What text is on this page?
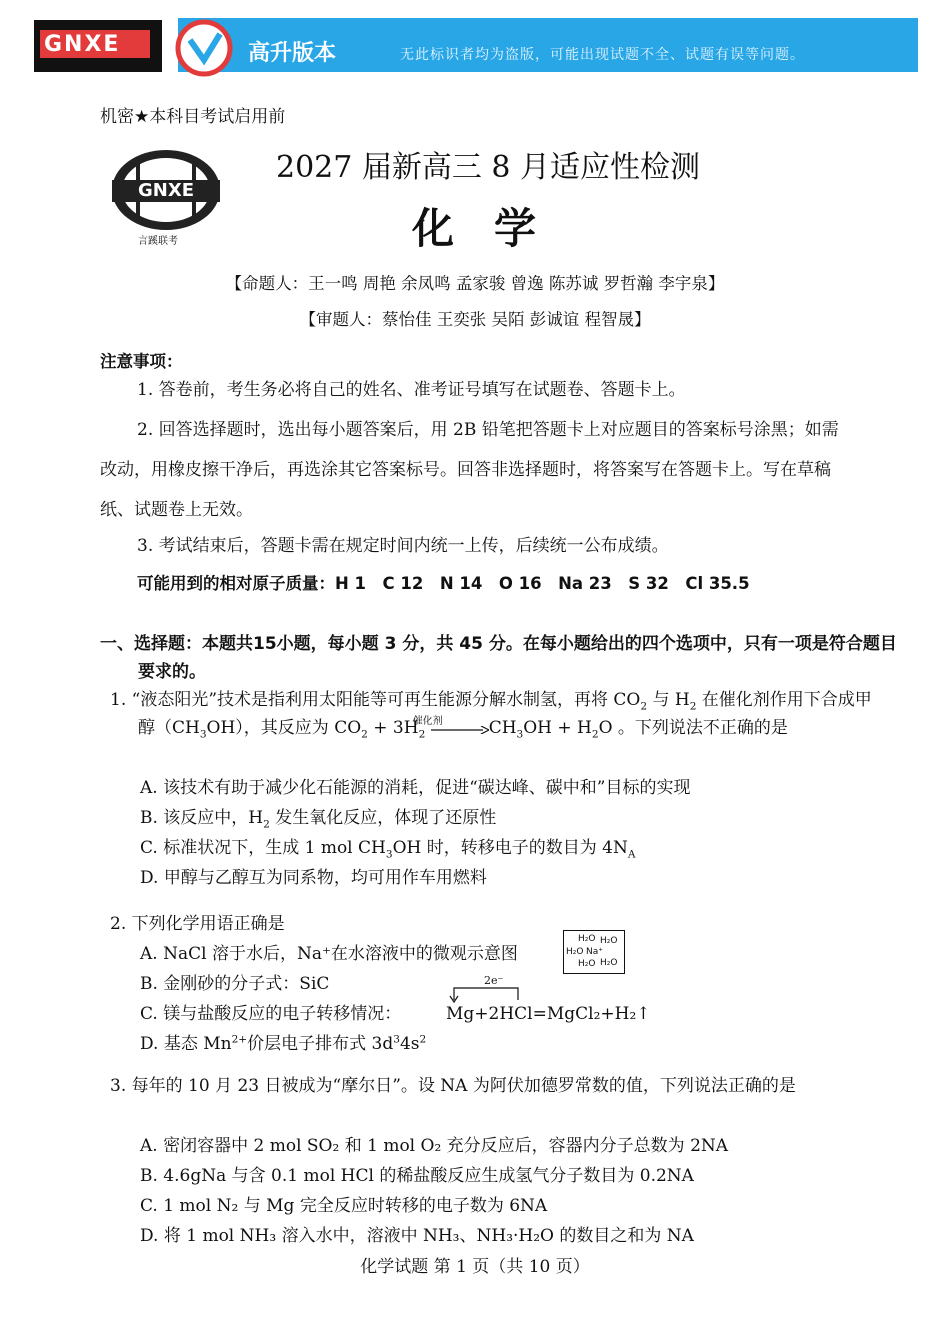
GNXE	高升版本	无此标识者均为盗版，可能出现试题不全、试题有误等问题。
机密★本科目考试启用前
GNXE
言蹊联考
2027 届新高三 8 月适应性检测
化学
【命题人：王一鸣 周艳 余凤鸣 孟家骏 曾逸 陈苏诚 罗哲瀚 李宇泉】
【审题人：蔡怡佳 王奕张 吴陌 彭诚谊 程智晟】
注意事项：
1. 答卷前，考生务必将自己的姓名、准考证号填写在试题卷、答题卡上。
2. 回答选择题时，选出每小题答案后，用 2B 铅笔把答题卡上对应题目的答案标号涂黑；如需改动，用橡皮擦干净后，再选涂其它答案标号。回答非选择题时，将答案写在答题卡上。写在草稿纸、试题卷上无效。
3. 考试结束后，答题卡需在规定时间内统一上传，后续统一公布成绩。
可能用到的相对原子质量：H 1　C 12　N 14　O 16　Na 23　S 32　Cl 35.5
一、选择题：本题共15小题，每小题 3 分，共 45 分。在每小题给出的四个选项中，只有一项是符合题目要求的。
1. “液态阳光”技术是指利用太阳能等可再生能源分解水制氢，再将 $CO_2$ 与 $H_2$ 在催化剂作用下合成甲醇$(CH_3OH)$，其反应为 $CO_2 + 3H_2$
催化剂	$CH_3OH + H_2O$ 。下列说法不正确的是
A. 该技术有助于减少化石能源的消耗，促进“碳达峰、碳中和”目标的实现
B. 该反应中，$H_2$ 发生氧化反应，体现了还原性
C. 标准状况下，生成 1 mol $CH_3OH$ 时，转移电子的数目为 $4N_A$
D. 甲醇与乙醇互为同系物，均可用作车用燃料
2. 下列化学用语正确是
A. NaCl 溶于水后，Na⁺在水溶液中的微观示意图
H₂O H₂O
H₂O Na⁺
H₂O H₂O
B. 金刚砂的分子式：SiC
C. 镁与盐酸反应的电子转移情况：
2e⁻
Mg+2HCl=MgCl₂+H₂↑
D. 基态 $Mn^{2+}$价层电子排布式 $3d^34s^2$
3. 每年的 10 月 23 日被成为“摩尔日”。设 NA 为阿伏加德罗常数的值，下列说法正确的是
A. 密闭容器中 2 mol SO₂ 和 1 mol O₂ 充分反应后，容器内分子总数为 2NA
B. 4.6gNa 与含 0.1 mol HCl 的稀盐酸反应生成氢气分子数目为 0.2NA
C. 1 mol N₂ 与 Mg 完全反应时转移的电子数为 6NA
D. 将 1 mol NH₃ 溶入水中，溶液中 NH₃、NH₃·H₂O 的数目之和为 NA
化学试题 第 1 页（共 10 页）
